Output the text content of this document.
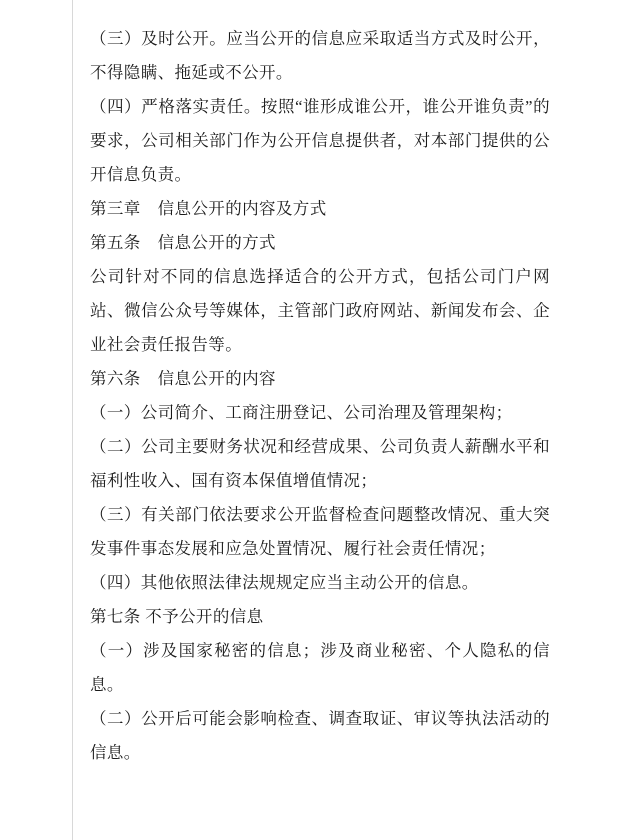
（三）及时公开。应当公开的信息应采取适当方式及时公开，不得隐瞒、拖延或不公开。

（四）严格落实责任。按照“谁形成谁公开，谁公开谁负责”的要求，公司相关部门作为公开信息提供者，对本部门提供的公开信息负责。

第三章　信息公开的内容及方式

第五条　信息公开的方式

公司针对不同的信息选择适合的公开方式，包括公司门户网站、微信公众号等媒体，主管部门政府网站、新闻发布会、企业社会责任报告等。

第六条　信息公开的内容

（一）公司简介、工商注册登记、公司治理及管理架构；

（二）公司主要财务状况和经营成果、公司负责人薪酬水平和福利性收入、国有资本保值增值情况；

（三）有关部门依法要求公开监督检查问题整改情况、重大突发事件事态发展和应急处置情况、履行社会责任情况；

（四）其他依照法律法规规定应当主动公开的信息。

第七条 不予公开的信息

（一）涉及国家秘密的信息；涉及商业秘密、个人隐私的信息。

（二）公开后可能会影响检查、调查取证、审议等执法活动的信息。
